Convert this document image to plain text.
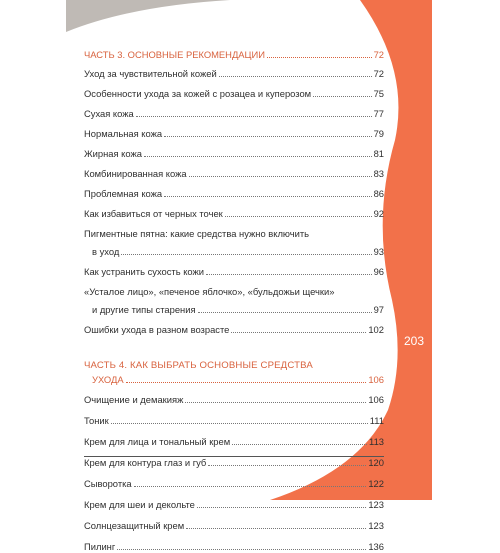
203
ЧАСТЬ 3. ОСНОВНЫЕ РЕКОМЕНДАЦИИ	72
Уход за чувствительной кожей	72
Особенности ухода за кожей с розацеа и куперозом	75
Сухая кожа	77
Нормальная кожа	79
Жирная кожа	81
Комбинированная кожа	83
Проблемная кожа	86
Как избавиться от черных точек	92
Пигментные пятна: какие средства нужно включить
в уход	93
Как устранить сухость кожи	96
«Усталое лицо», «печеное яблочко», «бульдожьи щечки»
и другие типы старения	97
Ошибки ухода в разном возрасте	102
ЧАСТЬ 4. КАК ВЫБРАТЬ ОСНОВНЫЕ СРЕДСТВА
УХОДА	106
Очищение и демакияж	106
Тоник	111
Крем для лица и тональный крем	113
Крем для контура глаз и губ	120
Сыворотка	122
Крем для шеи и декольте	123
Солнцезащитный крем	123
Пилинг	136
